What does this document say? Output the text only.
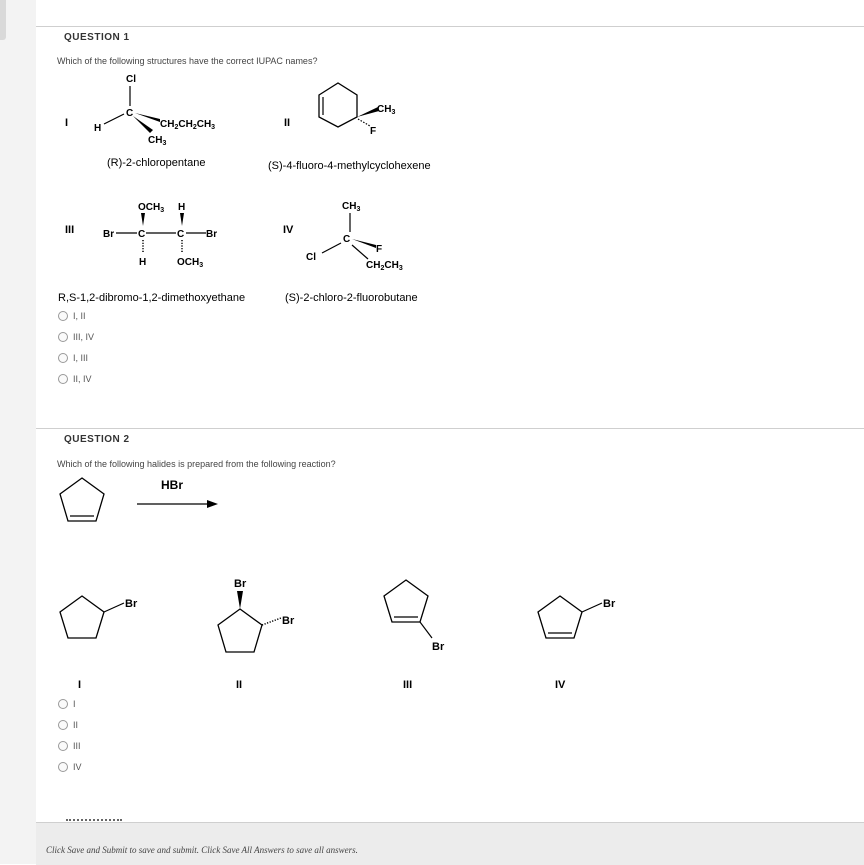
QUESTION 1
Which of the following structures have the correct IUPAC names?
I
Cl
C
H	$CH_2CH_2CH_3$
$CH_3$
(R)-2-chloropentane
II
$CH_3$
F
(S)-4-fluoro-4-methylcyclohexene
III
$OCH_3$ H
Br C	C Br
H	$OCH_3$
R,S-1,2-dibromo-1,2-dimethoxyethane
IV
$CH_3$
C
Cl
F
$CH_2CH_3$
(S)-2-chloro-2-fluorobutane
I, II
III, IV
I, III
II, IV
QUESTION 2
Which of the following halides is prepared from the following reaction?
HBr
Br
I
Br
Br
II
Br
III
Br
IV
I
II
III
IV
Click Save and Submit to save and submit. Click Save All Answers to save all answers.
